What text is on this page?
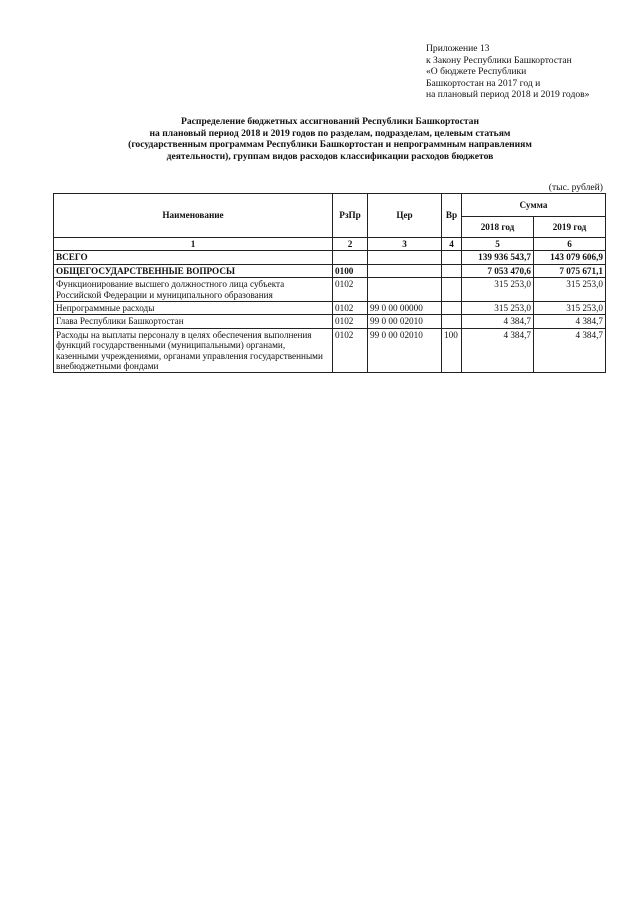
Приложение 13
к Закону Республики Башкортостан
«О бюджете Республики
Башкортостан на 2017 год и
на плановый период 2018 и 2019 годов»
Распределение бюджетных ассигнований Республики Башкортостан
на плановый период 2018 и 2019 годов по разделам, подразделам, целевым статьям
(государственным программам Республики Башкортостан и непрограммным направлениям
деятельности), группам видов расходов классификации расходов бюджетов
(тыс. рублей)
Наименование	РзПр	Цер	Вр	Сумма	
				2018 год	2019 год
1	2	3	4	5	6
ВСЕГО				139 936 543,7	143 079 606,9
ОБЩЕГОСУДАРСТВЕННЫЕ ВОПРОСЫ	0100			7 053 470,6	7 075 671,1
Функционирование высшего должностного лица субъекта Российской Федерации и муниципального образования	0102			315 253,0	315 253,0
Непрограммные расходы	0102	99 0 00 00000		315 253,0	315 253,0
Глава Республики Башкортостан	0102	99 0 00 02010		4 384,7	4 384,7
Расходы на выплаты персоналу в целях обеспечения выполнения функций государственными (муниципальными) органами, казенными учреждениями, органами управления государственными внебюджетными фондами	0102	99 0 00 02010	100	4 384,7	4 384,7
